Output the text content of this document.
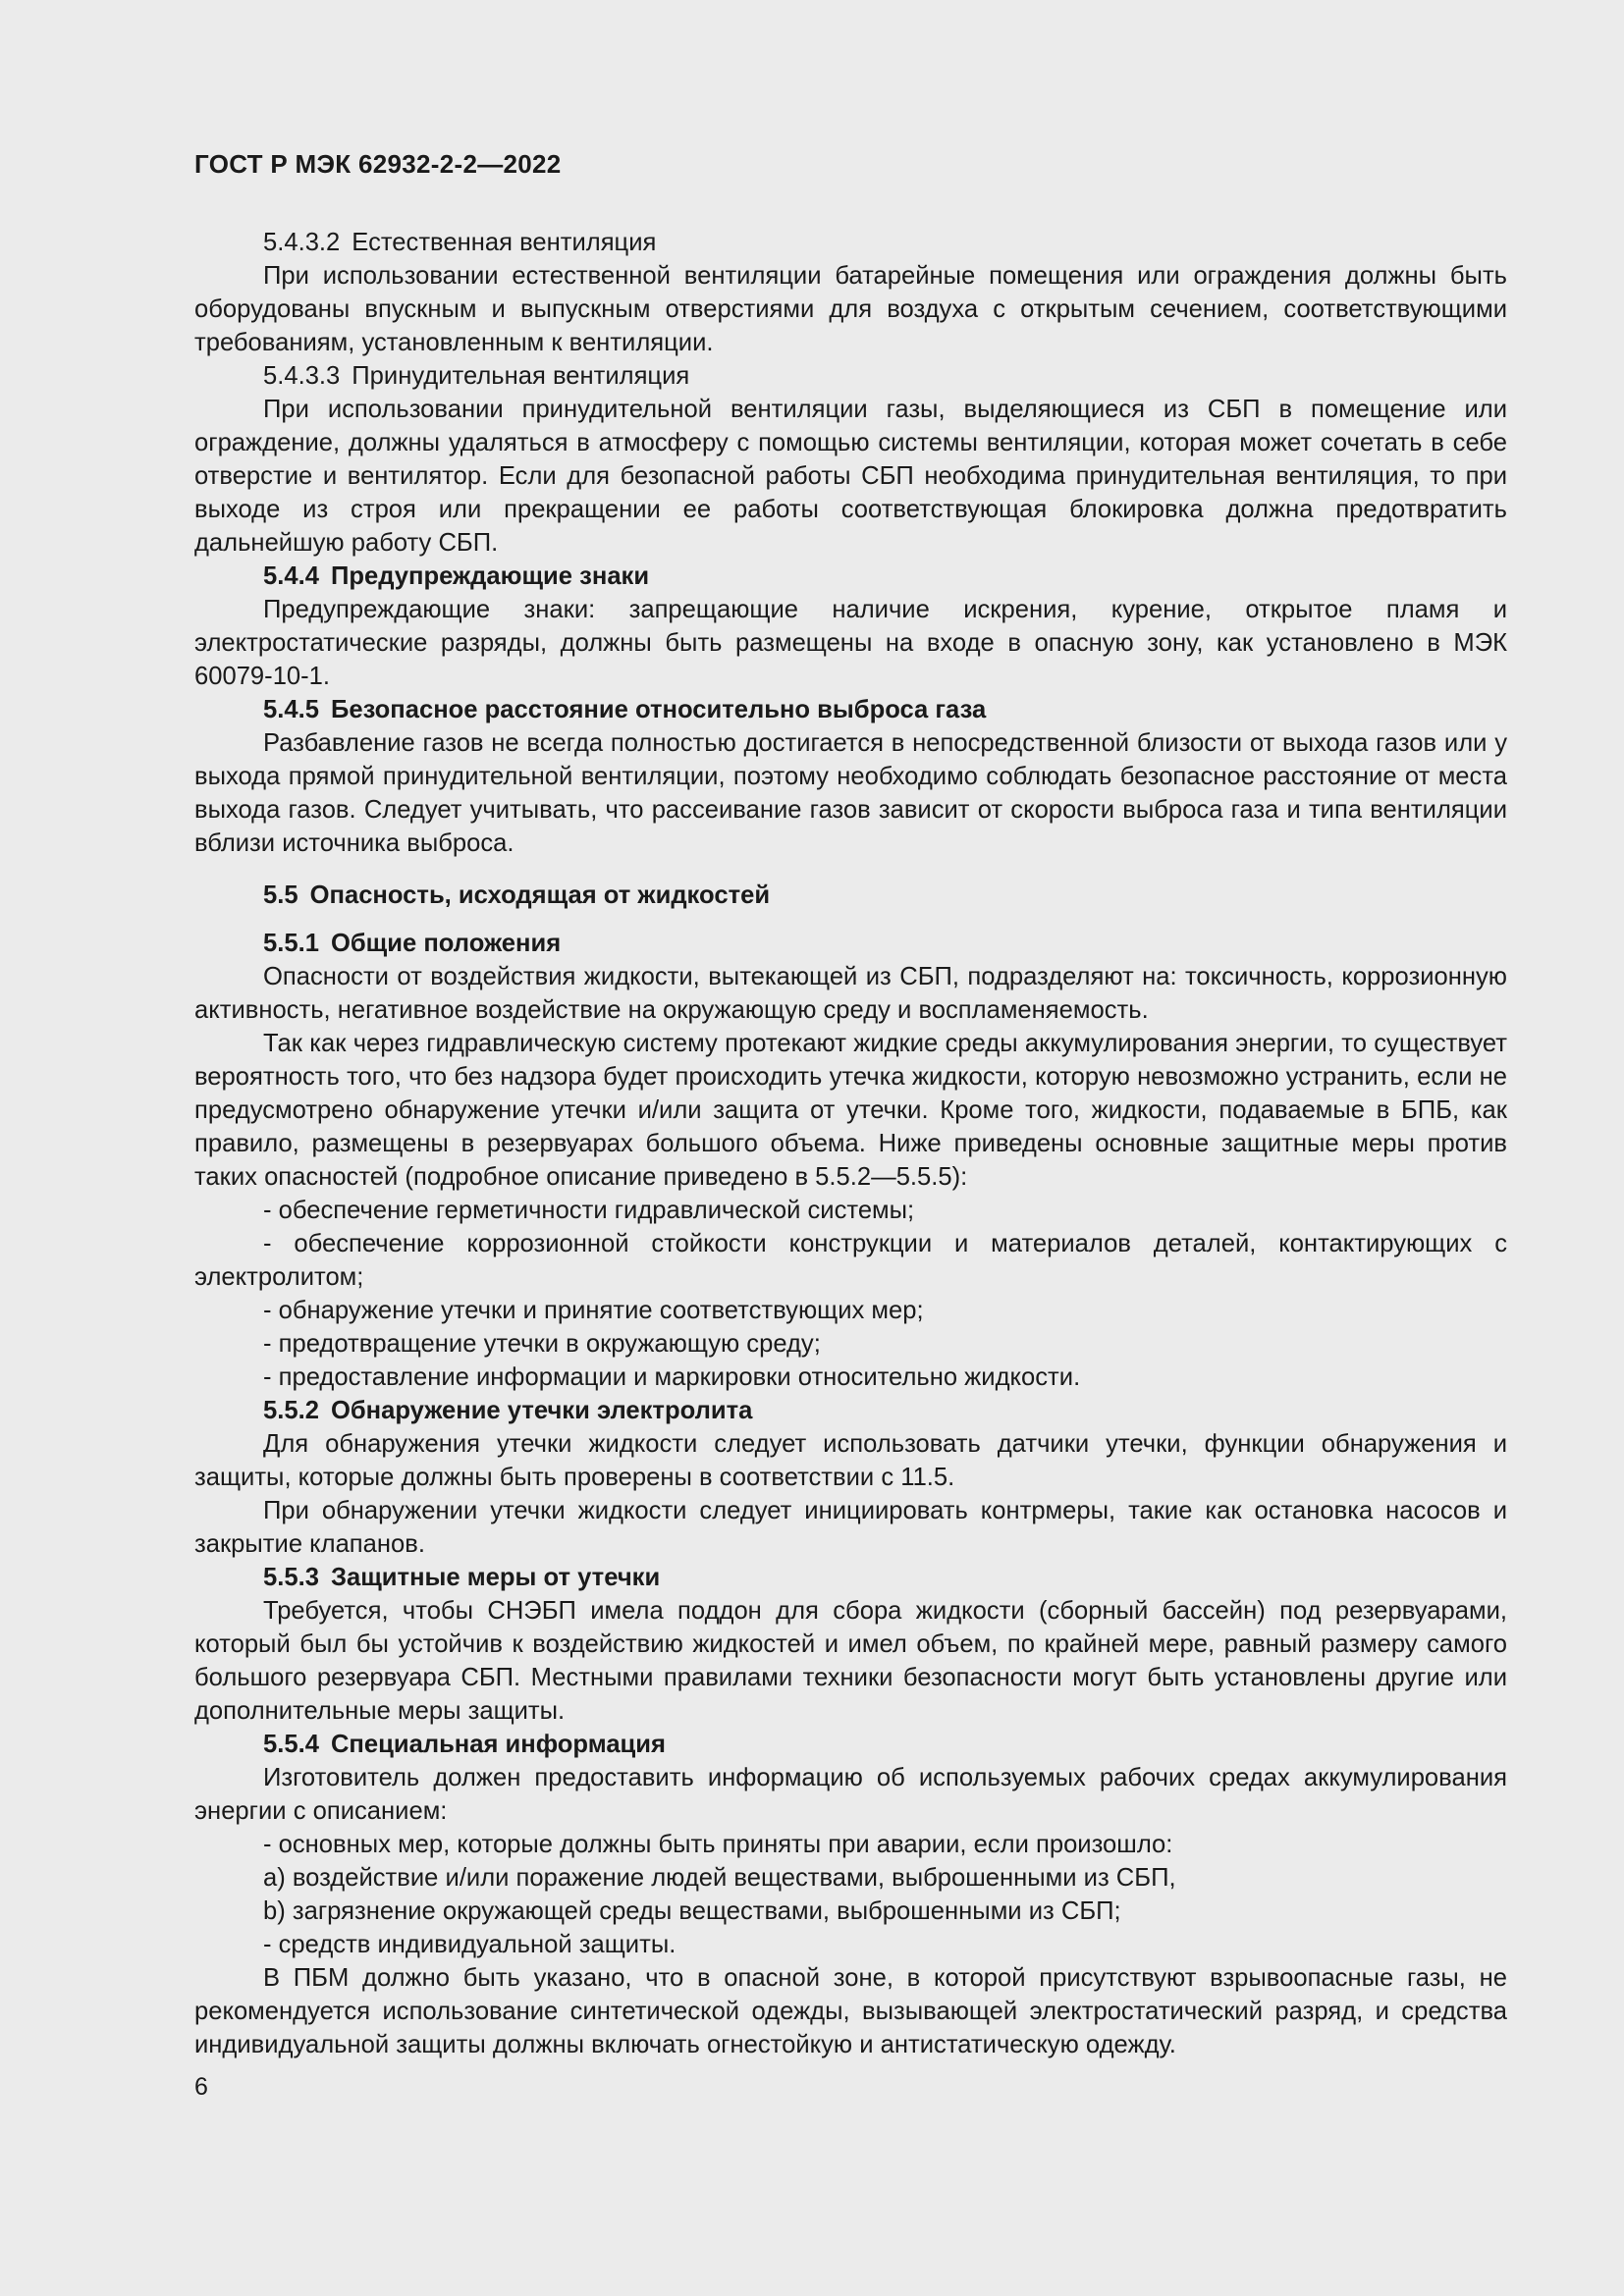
ГОСТ Р МЭК 62932-2-2—2022

5.4.3.2 Естественная вентиляция

При использовании естественной вентиляции батарейные помещения или ограждения должны быть оборудованы впускным и выпускным отверстиями для воздуха с открытым сечением, соответствующими требованиям, установленным к вентиляции.

5.4.3.3 Принудительная вентиляция

При использовании принудительной вентиляции газы, выделяющиеся из СБП в помещение или ограждение, должны удаляться в атмосферу с помощью системы вентиляции, которая может сочетать в себе отверстие и вентилятор. Если для безопасной работы СБП необходима принудительная вентиляция, то при выходе из строя или прекращении ее работы соответствующая блокировка должна предотвратить дальнейшую работу СБП.

5.4.4 Предупреждающие знаки

Предупреждающие знаки: запрещающие наличие искрения, курение, открытое пламя и электростатические разряды, должны быть размещены на входе в опасную зону, как установлено в МЭК 60079-10-1.

5.4.5 Безопасное расстояние относительно выброса газа

Разбавление газов не всегда полностью достигается в непосредственной близости от выхода газов или у выхода прямой принудительной вентиляции, поэтому необходимо соблюдать безопасное расстояние от места выхода газов. Следует учитывать, что рассеивание газов зависит от скорости выброса газа и типа вентиляции вблизи источника выброса.

5.5 Опасность, исходящая от жидкостей

5.5.1 Общие положения

Опасности от воздействия жидкости, вытекающей из СБП, подразделяют на: токсичность, коррозионную активность, негативное воздействие на окружающую среду и воспламеняемость.

Так как через гидравлическую систему протекают жидкие среды аккумулирования энергии, то существует вероятность того, что без надзора будет происходить утечка жидкости, которую невозможно устранить, если не предусмотрено обнаружение утечки и/или защита от утечки. Кроме того, жидкости, подаваемые в БПБ, как правило, размещены в резервуарах большого объема. Ниже приведены основные защитные меры против таких опасностей (подробное описание приведено в 5.5.2—5.5.5):

- обеспечение герметичности гидравлической системы;

- обеспечение коррозионной стойкости конструкции и материалов деталей, контактирующих с электролитом;

- обнаружение утечки и принятие соответствующих мер;

- предотвращение утечки в окружающую среду;

- предоставление информации и маркировки относительно жидкости.

5.5.2 Обнаружение утечки электролита

Для обнаружения утечки жидкости следует использовать датчики утечки, функции обнаружения и защиты, которые должны быть проверены в соответствии с 11.5.

При обнаружении утечки жидкости следует инициировать контрмеры, такие как остановка насосов и закрытие клапанов.

5.5.3 Защитные меры от утечки

Требуется, чтобы СНЭБП имела поддон для сбора жидкости (сборный бассейн) под резервуарами, который был бы устойчив к воздействию жидкостей и имел объем, по крайней мере, равный размеру самого большого резервуара СБП. Местными правилами техники безопасности могут быть установлены другие или дополнительные меры защиты.

5.5.4 Специальная информация

Изготовитель должен предоставить информацию об используемых рабочих средах аккумулирования энергии с описанием:

- основных мер, которые должны быть приняты при аварии, если произошло:

a) воздействие и/или поражение людей веществами, выброшенными из СБП,

b) загрязнение окружающей среды веществами, выброшенными из СБП;

- средств индивидуальной защиты.

В ПБМ должно быть указано, что в опасной зоне, в которой присутствуют взрывоопасные газы, не рекомендуется использование синтетической одежды, вызывающей электростатический разряд, и средства индивидуальной защиты должны включать огнестойкую и антистатическую одежду.

6
